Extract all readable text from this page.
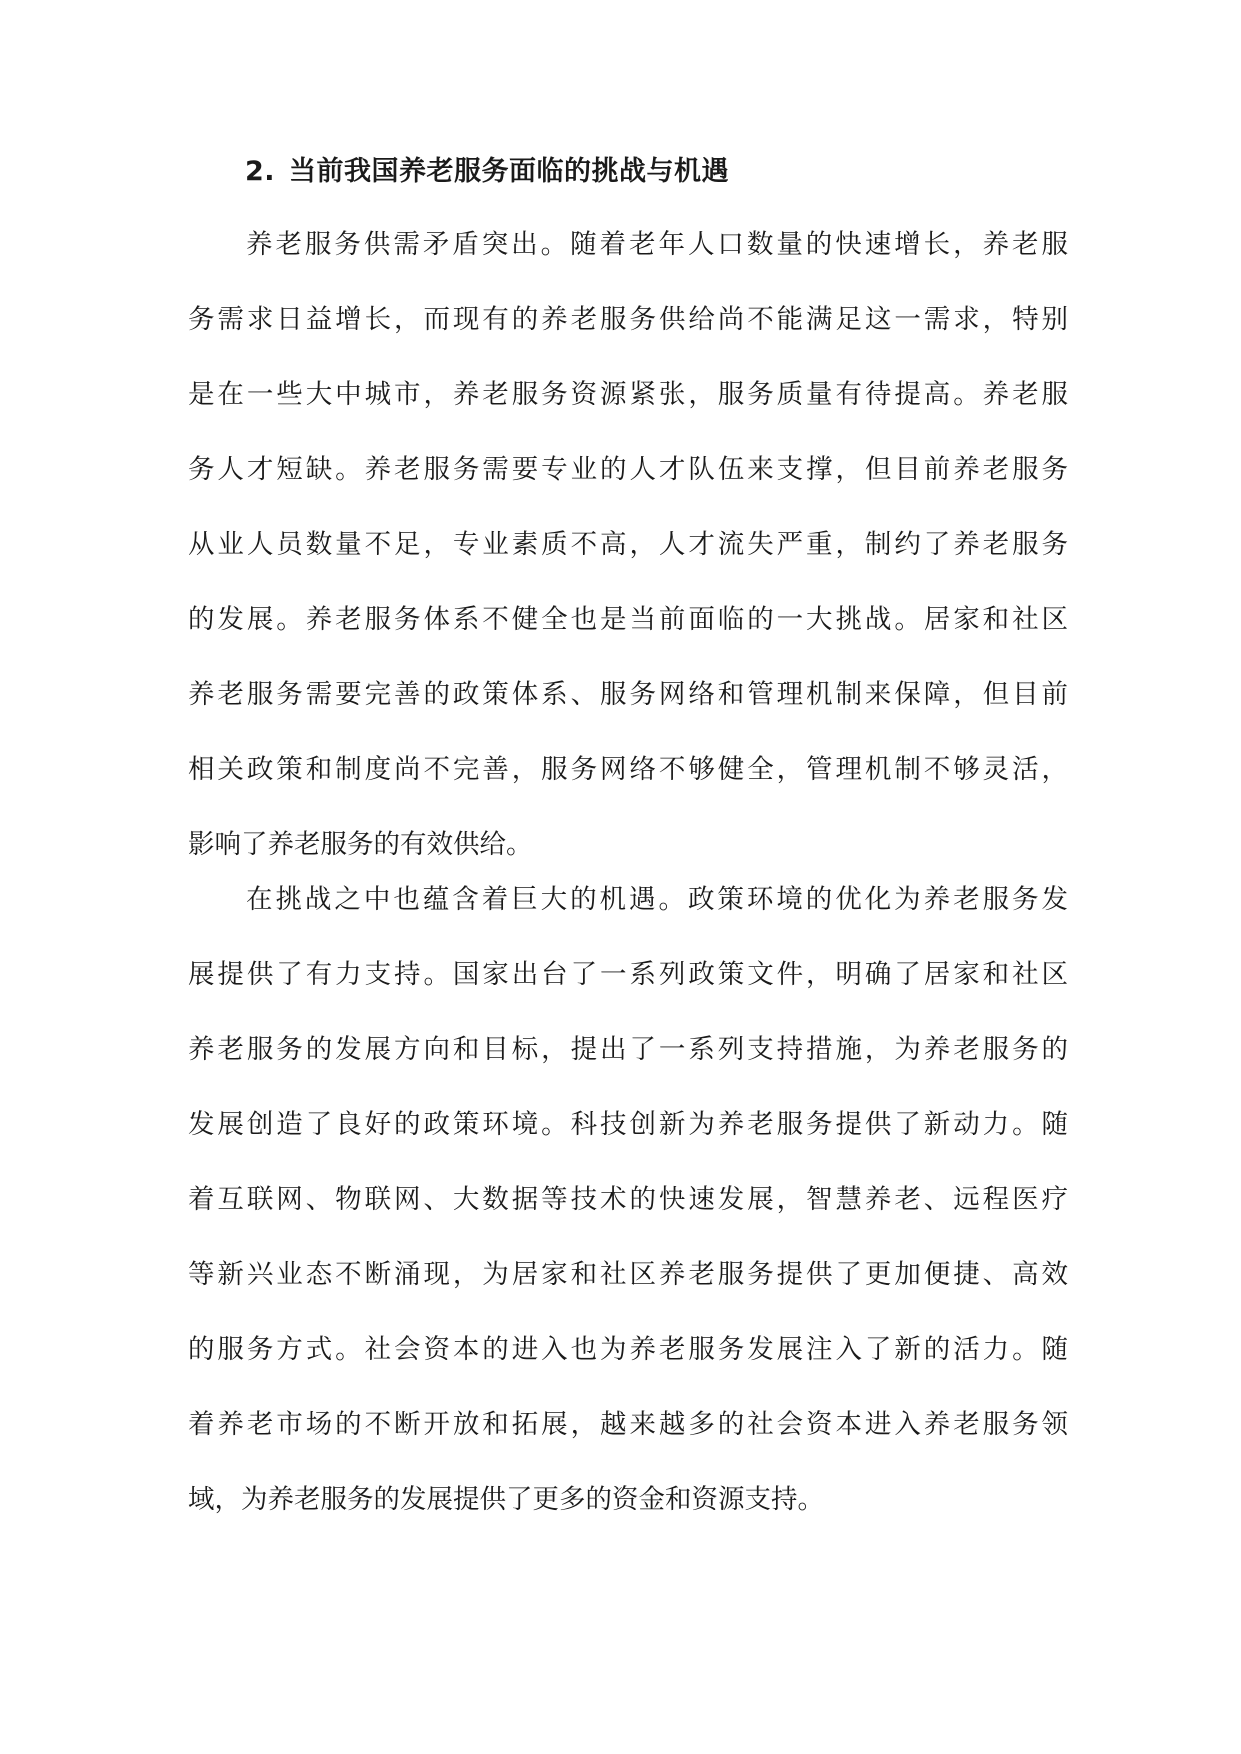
2. 当前我国养老服务面临的挑战与机遇

养老服务供需矛盾突出。随着老年人口数量的快速增长，养老服
务需求日益增长，而现有的养老服务供给尚不能满足这一需求，特别
是在一些大中城市，养老服务资源紧张，服务质量有待提高。养老服
务人才短缺。养老服务需要专业的人才队伍来支撑，但目前养老服务
从业人员数量不足，专业素质不高，人才流失严重，制约了养老服务
的发展。养老服务体系不健全也是当前面临的一大挑战。居家和社区
养老服务需要完善的政策体系、服务网络和管理机制来保障，但目前
相关政策和制度尚不完善，服务网络不够健全，管理机制不够灵活，
影响了养老服务的有效供给。

在挑战之中也蕴含着巨大的机遇。政策环境的优化为养老服务发
展提供了有力支持。国家出台了一系列政策文件，明确了居家和社区
养老服务的发展方向和目标，提出了一系列支持措施，为养老服务的
发展创造了良好的政策环境。科技创新为养老服务提供了新动力。随
着互联网、物联网、大数据等技术的快速发展，智慧养老、远程医疗
等新兴业态不断涌现，为居家和社区养老服务提供了更加便捷、高效
的服务方式。社会资本的进入也为养老服务发展注入了新的活力。随
着养老市场的不断开放和拓展，越来越多的社会资本进入养老服务领
域，为养老服务的发展提供了更多的资金和资源支持。
